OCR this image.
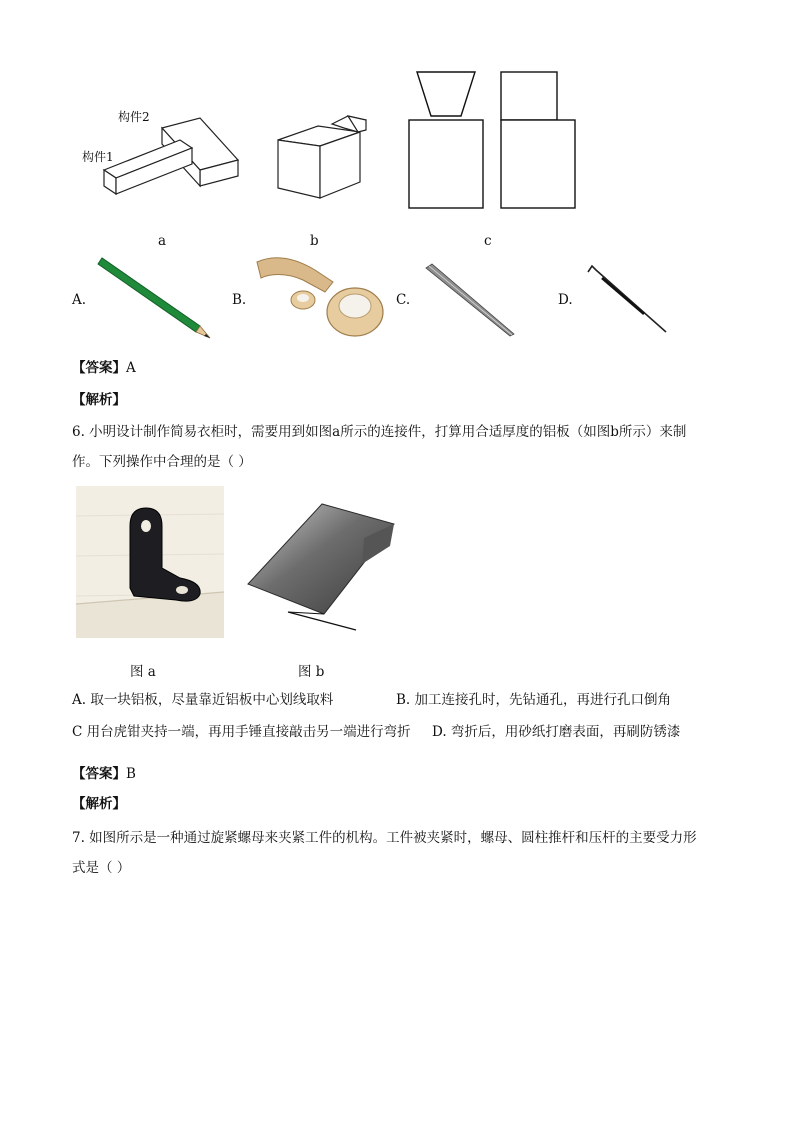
构件2
构件1
a	b	c
A.	B.	C.	D.
【答案】A
【解析】
6. 小明设计制作简易衣柜时，需要用到如图a所示的连接件，打算用合适厚度的铝板（如图b所示）来制
作。下列操作中合理的是（ ）
图 a	图 b
A. 取一块铝板，尽量靠近铝板中心划线取料	B. 加工连接孔时，先钻通孔，再进行孔口倒角
C 用台虎钳夹持一端，再用手锤直接敲击另一端进行弯折 D. 弯折后，用砂纸打磨表面，再刷防锈漆
【答案】B
【解析】
7. 如图所示是一种通过旋紧螺母来夹紧工件的机构。工件被夹紧时，螺母、圆柱推杆和压杆的主要受力形
式是（ ）
